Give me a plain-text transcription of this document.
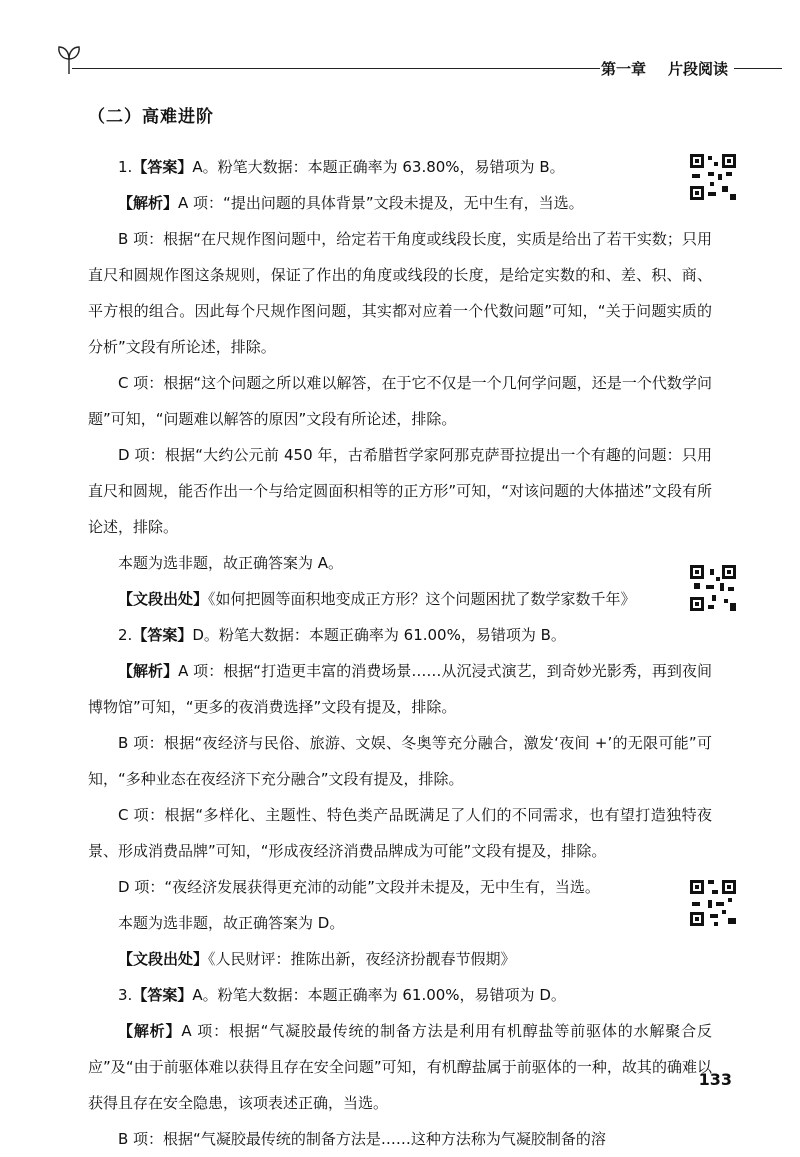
第一章 片段阅读
（二）高难进阶

1.【答案】A。粉笔大数据：本题正确率为 63.80%，易错项为 B。

【解析】A 项：“提出问题的具体背景”文段未提及，无中生有，当选。

B 项：根据“在尺规作图问题中，给定若干角度或线段长度，实质是给出了若干实数；只用直尺和圆规作图这条规则，保证了作出的角度或线段的长度，是给定实数的和、差、积、商、平方根的组合。因此每个尺规作图问题，其实都对应着一个代数问题”可知，“关于问题实质的分析”文段有所论述，排除。

C 项：根据“这个问题之所以难以解答，在于它不仅是一个几何学问题，还是一个代数学问题”可知，“问题难以解答的原因”文段有所论述，排除。

D 项：根据“大约公元前 450 年，古希腊哲学家阿那克萨哥拉提出一个有趣的问题：只用直尺和圆规，能否作出一个与给定圆面积相等的正方形”可知，“对该问题的大体描述”文段有所论述，排除。

本题为选非题，故正确答案为 A。

【文段出处】《如何把圆等面积地变成正方形？这个问题困扰了数学家数千年》

2.【答案】D。粉笔大数据：本题正确率为 61.00%，易错项为 B。

【解析】A 项：根据“打造更丰富的消费场景……从沉浸式演艺，到奇妙光影秀，再到夜间博物馆”可知，“更多的夜消费选择”文段有提及，排除。

B 项：根据“夜经济与民俗、旅游、文娱、冬奥等充分融合，激发‘夜间 +’的无限可能”可知，“多种业态在夜经济下充分融合”文段有提及，排除。

C 项：根据“多样化、主题性、特色类产品既满足了人们的不同需求，也有望打造独特夜景、形成消费品牌”可知，“形成夜经济消费品牌成为可能”文段有提及，排除。

D 项：“夜经济发展获得更充沛的动能”文段并未提及，无中生有，当选。

本题为选非题，故正确答案为 D。

【文段出处】《人民财评：推陈出新，夜经济扮靓春节假期》

3.【答案】A。粉笔大数据：本题正确率为 61.00%，易错项为 D。

【解析】A 项：根据“气凝胶最传统的制备方法是利用有机醇盐等前驱体的水解聚合反应”及“由于前驱体难以获得且存在安全问题”可知，有机醇盐属于前驱体的一种，故其的确难以获得且存在安全隐患，该项表述正确，当选。

B 项：根据“气凝胶最传统的制备方法是……这种方法称为气凝胶制备的溶

133
